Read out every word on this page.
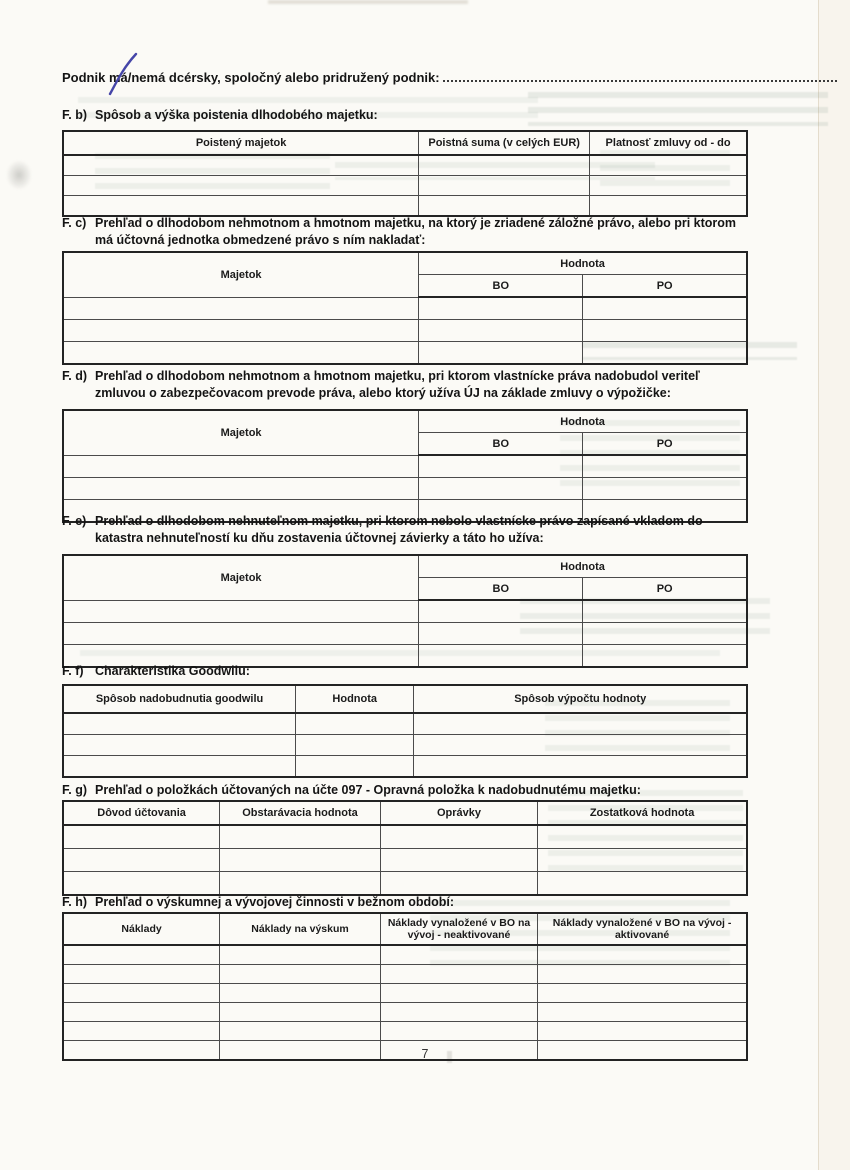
Podnik má /nemá dcérsky, spoločný alebo pridružený podnik:
F. b) Spôsob a výška poistenia dlhodobého majetku:
Poistený majetok	Poistná suma (v celých EUR)	Platnosť zmluvy od - do

F. c) Prehľad o dlhodobom nehmotnom a hmotnom majetku, na ktorý je zriadené záložné právo, alebo pri ktorom má účtovná jednotka obmedzené právo s ním nakladať:
Majetok	Hodnota	
	BO	PO

F. d) Prehľad o dlhodobom nehmotnom a hmotnom majetku, pri ktorom vlastnícke práva nadobudol veriteľ zmluvou o zabezpečovacom prevode práva, alebo ktorý užíva ÚJ na základe zmluvy o výpožičke:
Majetok	Hodnota	
	BO	PO

F. e) Prehľad o dlhodobom nehnuteľnom majetku, pri ktorom nebolo vlastnícke právo zapísané vkladom do katastra nehnuteľností ku dňu zostavenia účtovnej závierky a táto ho užíva:
Majetok	Hodnota	
	BO	PO

F. f) Charakteristika Goodwilu:
Spôsob nadobudnutia goodwilu	Hodnota	Spôsob výpočtu hodnoty

F. g) Prehľad o položkách účtovaných na účte 097 - Opravná položka k nadobudnutému majetku:
Dôvod účtovania	Obstarávacia hodnota	Oprávky	Zostatková hodnota

F. h) Prehľad o výskumnej a vývojovej činnosti v bežnom období:
Náklady	Náklady na výskum	Náklady vynaložené v BO na vývoj - neaktivované	Náklady vynaložené v BO na vývoj - aktivované

7
